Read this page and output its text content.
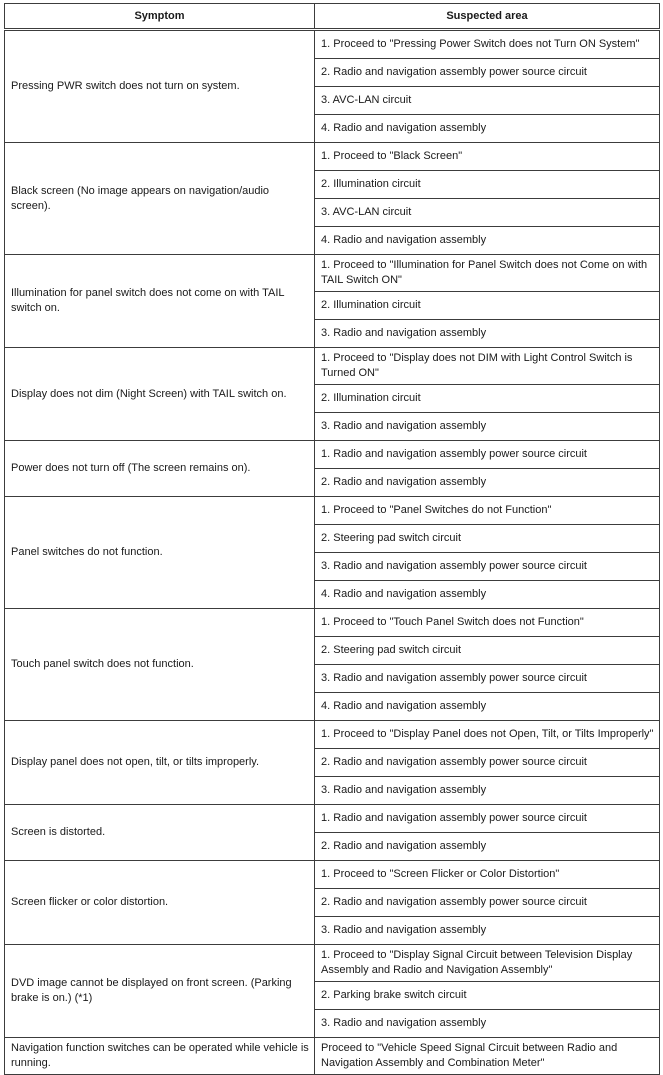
Symptom	Suspected area
Pressing PWR switch does not turn on system.	1. Proceed to "Pressing Power Switch does not Turn ON System"
	2. Radio and navigation assembly power source circuit
	3. AVC-LAN circuit
	4. Radio and navigation assembly
Black screen (No image appears on navigation/audio screen).	1. Proceed to "Black Screen"
	2. Illumination circuit
	3. AVC-LAN circuit
	4. Radio and navigation assembly
Illumination for panel switch does not come on with TAIL switch on.	1. Proceed to "Illumination for Panel Switch does not Come on with TAIL Switch ON"
	2. Illumination circuit
	3. Radio and navigation assembly
Display does not dim (Night Screen) with TAIL switch on.	1. Proceed to "Display does not DIM with Light Control Switch is Turned ON"
	2. Illumination circuit
	3. Radio and navigation assembly
Power does not turn off (The screen remains on).	1. Radio and navigation assembly power source circuit
	2. Radio and navigation assembly
Panel switches do not function.	1. Proceed to "Panel Switches do not Function"
	2. Steering pad switch circuit
	3. Radio and navigation assembly power source circuit
	4. Radio and navigation assembly
Touch panel switch does not function.	1. Proceed to "Touch Panel Switch does not Function"
	2. Steering pad switch circuit
	3. Radio and navigation assembly power source circuit
	4. Radio and navigation assembly
Display panel does not open, tilt, or tilts improperly.	1. Proceed to "Display Panel does not Open, Tilt, or Tilts Improperly"
	2. Radio and navigation assembly power source circuit
	3. Radio and navigation assembly
Screen is distorted.	1. Radio and navigation assembly power source circuit
	2. Radio and navigation assembly
Screen flicker or color distortion.	1. Proceed to "Screen Flicker or Color Distortion"
	2. Radio and navigation assembly power source circuit
	3. Radio and navigation assembly
DVD image cannot be displayed on front screen. (Parking brake is on.) (*1)	1. Proceed to "Display Signal Circuit between Television Display Assembly and Radio and Navigation Assembly"
	2. Parking brake switch circuit
	3. Radio and navigation assembly
Navigation function switches can be operated while vehicle is running.	Proceed to "Vehicle Speed Signal Circuit between Radio and Navigation Assembly and Combination Meter"
